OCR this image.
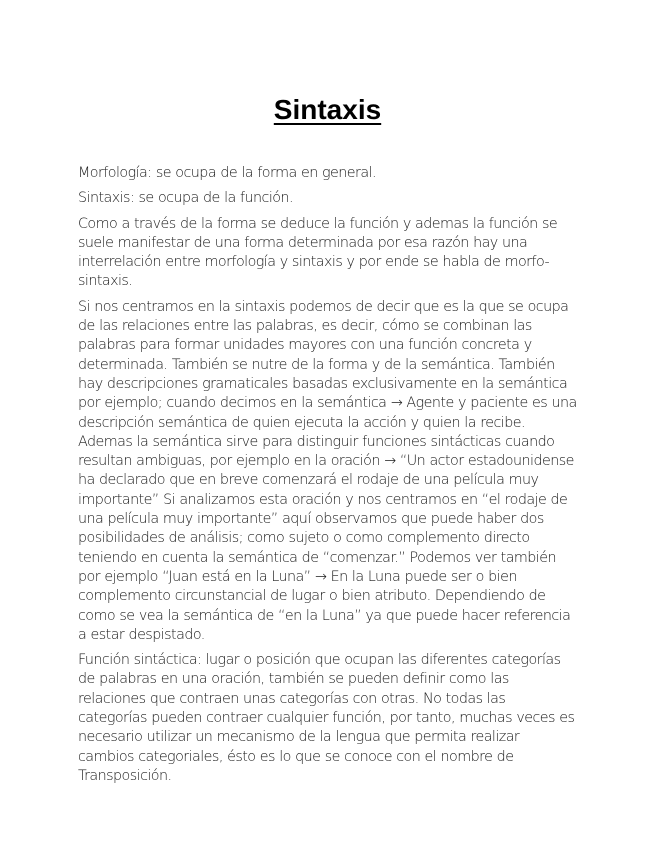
Sintaxis

Morfología: se ocupa de la forma en general.

Sintaxis: se ocupa de la función.

Como a través de la forma se deduce la función y ademas la función se suele manifestar de una forma determinada por esa razón hay una interrelación entre morfología y sintaxis y por ende se habla de morfo-sintaxis.

Si nos centramos en la sintaxis podemos de decir que es la que se ocupa de las relaciones entre las palabras, es decir, cómo se combinan las palabras para formar unidades mayores con una función concreta y determinada. También se nutre de la forma y de la semántica. También hay descripciones gramaticales basadas exclusivamente en la semántica por ejemplo; cuando decimos en la semántica → Agente y paciente es una descripción semántica de quien ejecuta la acción y quien la recibe. Ademas la semántica sirve para distinguir funciones sintácticas cuando resultan ambiguas, por ejemplo en la oración → “Un actor estadounidense ha declarado que en breve comenzará el rodaje de una película muy importante” Si analizamos esta oración y nos centramos en “el rodaje de una película muy importante” aquí observamos que puede haber dos posibilidades de análisis; como sujeto o como complemento directo teniendo en cuenta la semántica de “comenzar.” Podemos ver también por ejemplo “Juan está en la Luna” → En la Luna puede ser o bien complemento circunstancial de lugar o bien atributo. Dependiendo de como se vea la semántica de “en la Luna” ya que puede hacer referencia a estar despistado.

Función sintáctica: lugar o posición que ocupan las diferentes categorías de palabras en una oración, también se pueden definir como las relaciones que contraen unas categorías con otras. No todas las categorías pueden contraer cualquier función, por tanto, muchas veces es necesario utilizar un mecanismo de la lengua que permita realizar cambios categoriales, ésto es lo que se conoce con el nombre de Transposición.
